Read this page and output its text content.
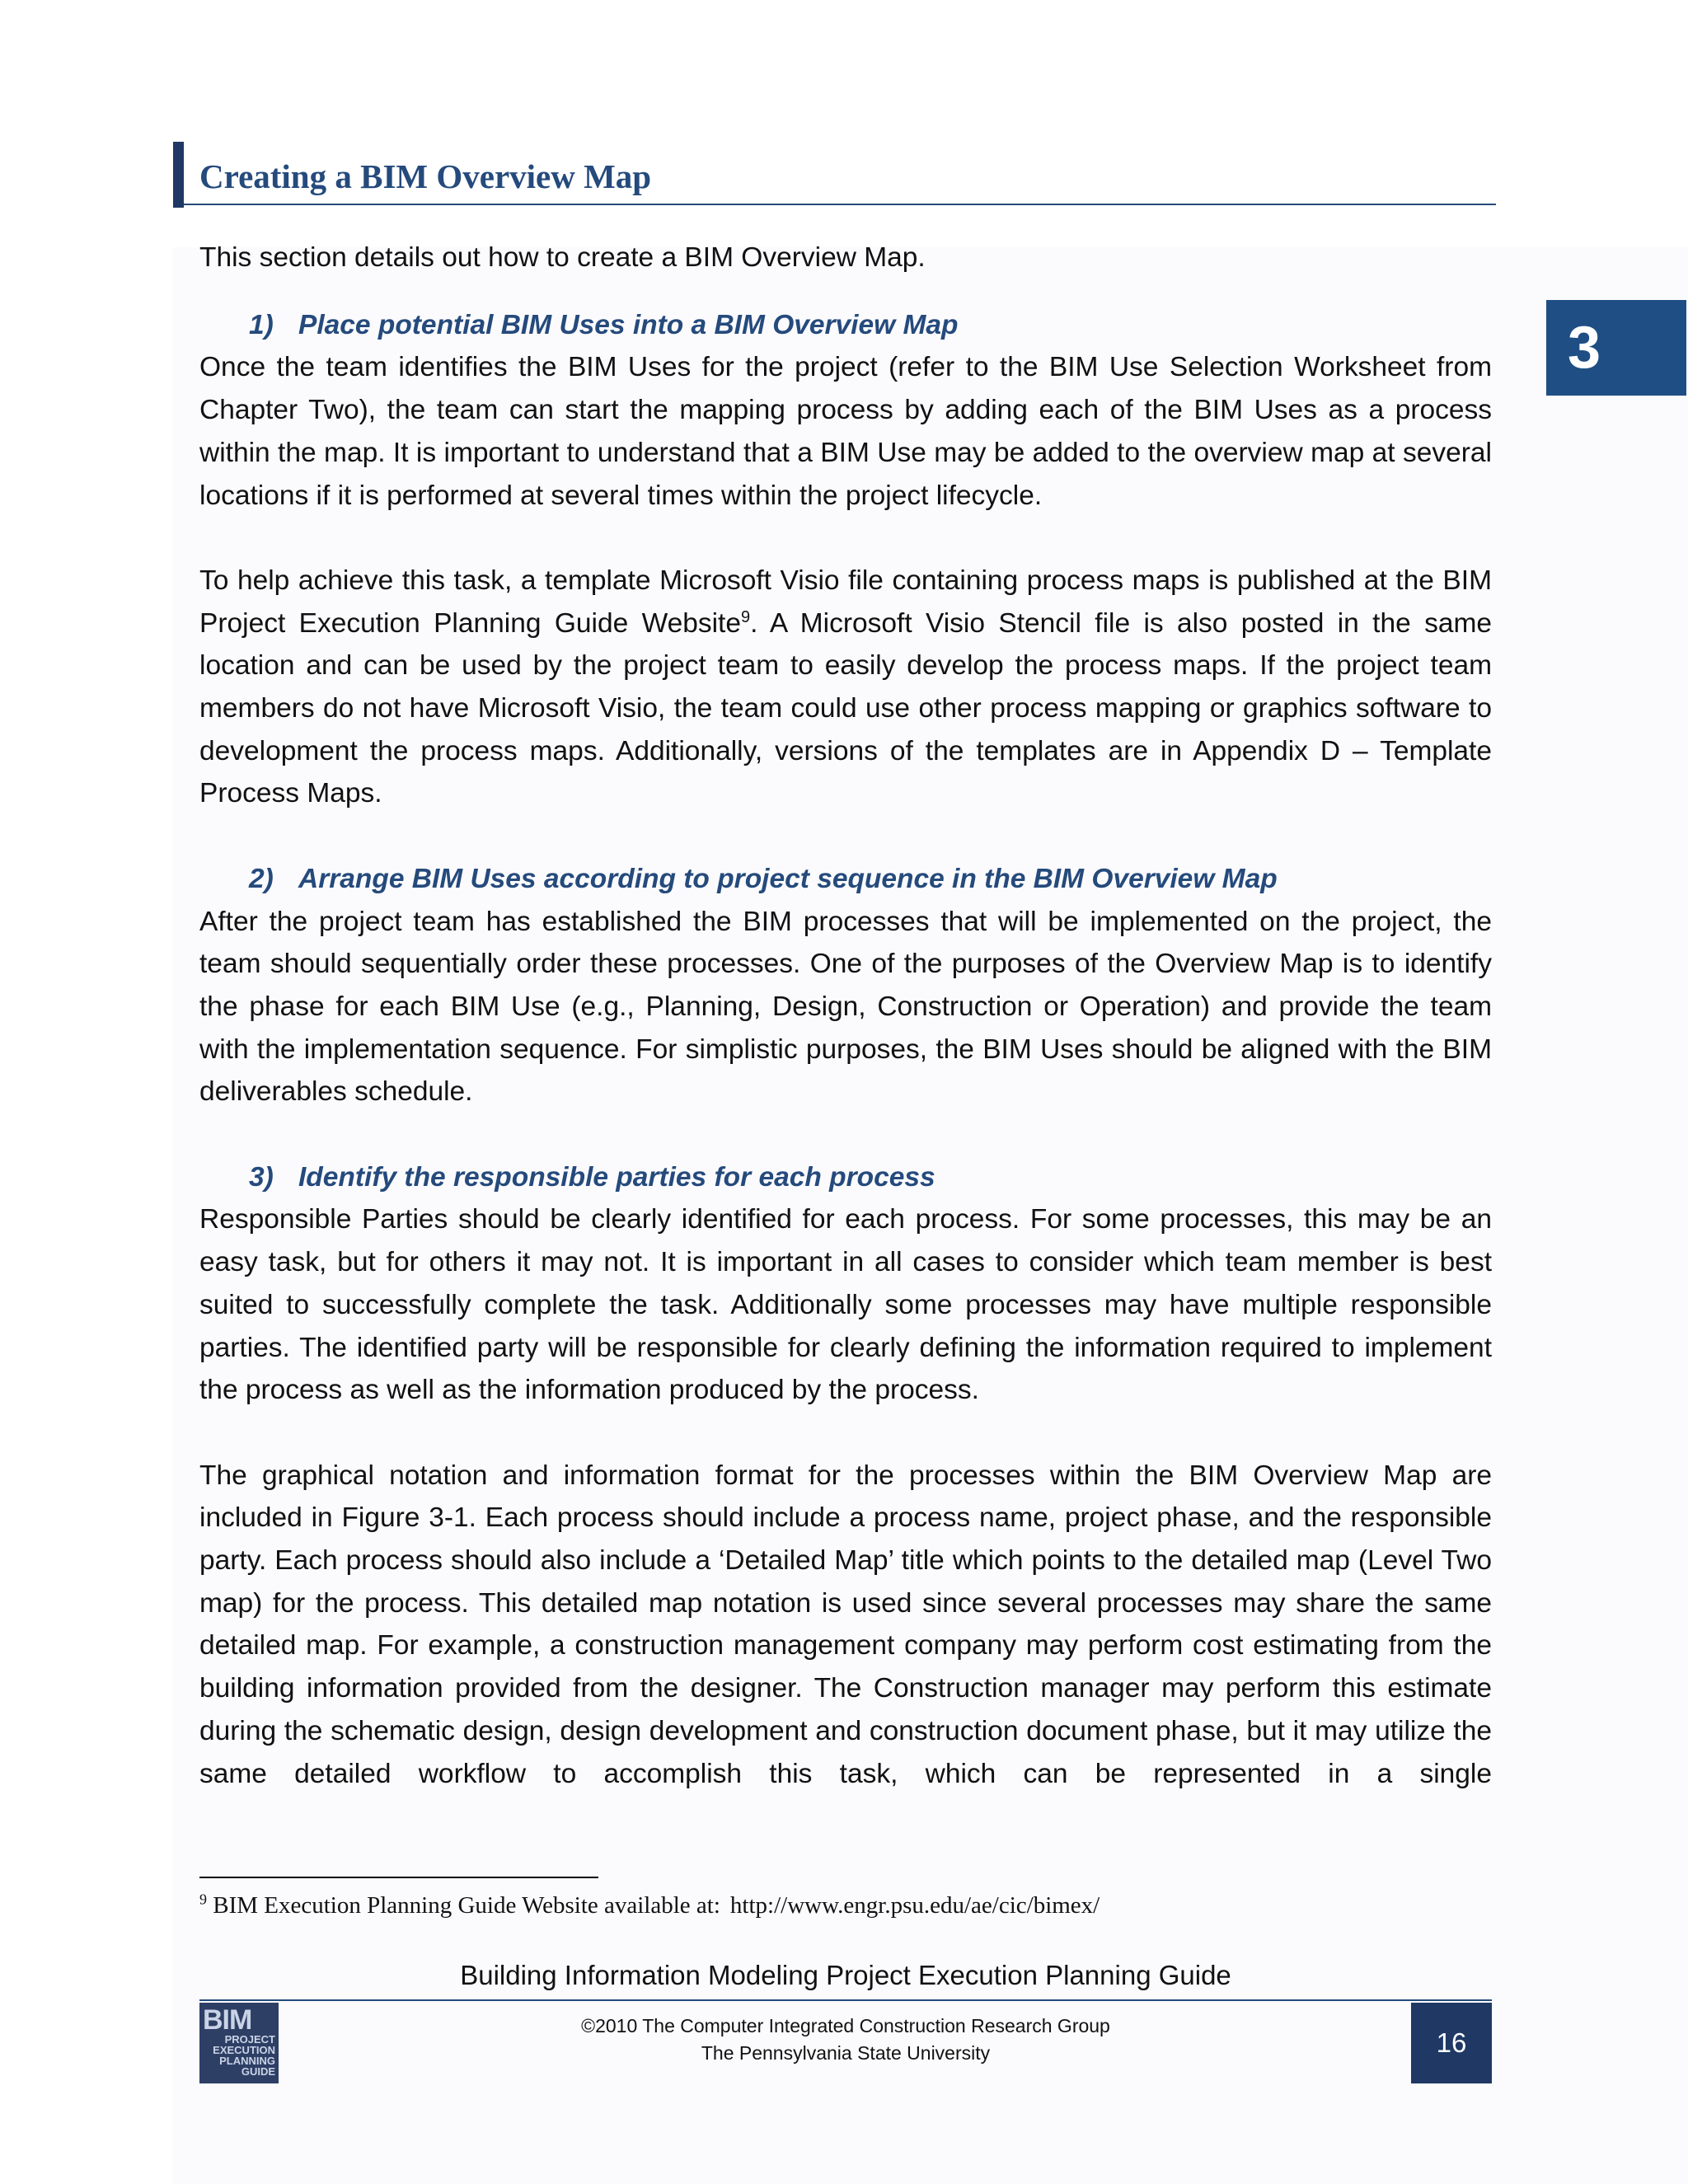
Creating a BIM Overview Map
3

This section details out how to create a BIM Overview Map.

1) Place potential BIM Uses into a BIM Overview Map

Once the team identifies the BIM Uses for the project (refer to the BIM Use Selection Worksheet from Chapter Two), the team can start the mapping process by adding each of the BIM Uses as a process within the map. It is important to understand that a BIM Use may be added to the overview map at several locations if it is performed at several times within the project lifecycle.

To help achieve this task, a template Microsoft Visio file containing process maps is published at the BIM Project Execution Planning Guide Website$^9$. A Microsoft Visio Stencil file is also posted in the same location and can be used by the project team to easily develop the process maps. If the project team members do not have Microsoft Visio, the team could use other process mapping or graphics software to development the process maps. Additionally, versions of the templates are in Appendix D – Template Process Maps.

2) Arrange BIM Uses according to project sequence in the BIM Overview Map

After the project team has established the BIM processes that will be implemented on the project, the team should sequentially order these processes. One of the purposes of the Overview Map is to identify the phase for each BIM Use (e.g., Planning, Design, Construction or Operation) and provide the team with the implementation sequence. For simplistic purposes, the BIM Uses should be aligned with the BIM deliverables schedule.

3) Identify the responsible parties for each process

Responsible Parties should be clearly identified for each process. For some processes, this may be an easy task, but for others it may not. It is important in all cases to consider which team member is best suited to successfully complete the task. Additionally some processes may have multiple responsible parties. The identified party will be responsible for clearly defining the information required to implement the process as well as the information produced by the process.

The graphical notation and information format for the processes within the BIM Overview Map are included in Figure 3-1. Each process should include a process name, project phase, and the responsible party. Each process should also include a ‘Detailed Map’ title which points to the detailed map (Level Two map) for the process. This detailed map notation is used since several processes may share the same detailed map. For example, a construction management company may perform cost estimating from the building information provided from the designer. The Construction manager may perform this estimate during the schematic design, design development and construction document phase, but it may utilize the same detailed workflow to accomplish this task, which can be represented in a single

$^9$ BIM Execution Planning Guide Website available at: http://www.engr.psu.edu/ae/cic/bimex/
Building Information Modeling Project Execution Planning Guide
BIM
PROJECT
EXECUTION
PLANNING
GUIDE
©2010 The Computer Integrated Construction Research Group
The Pennsylvania State University	16
